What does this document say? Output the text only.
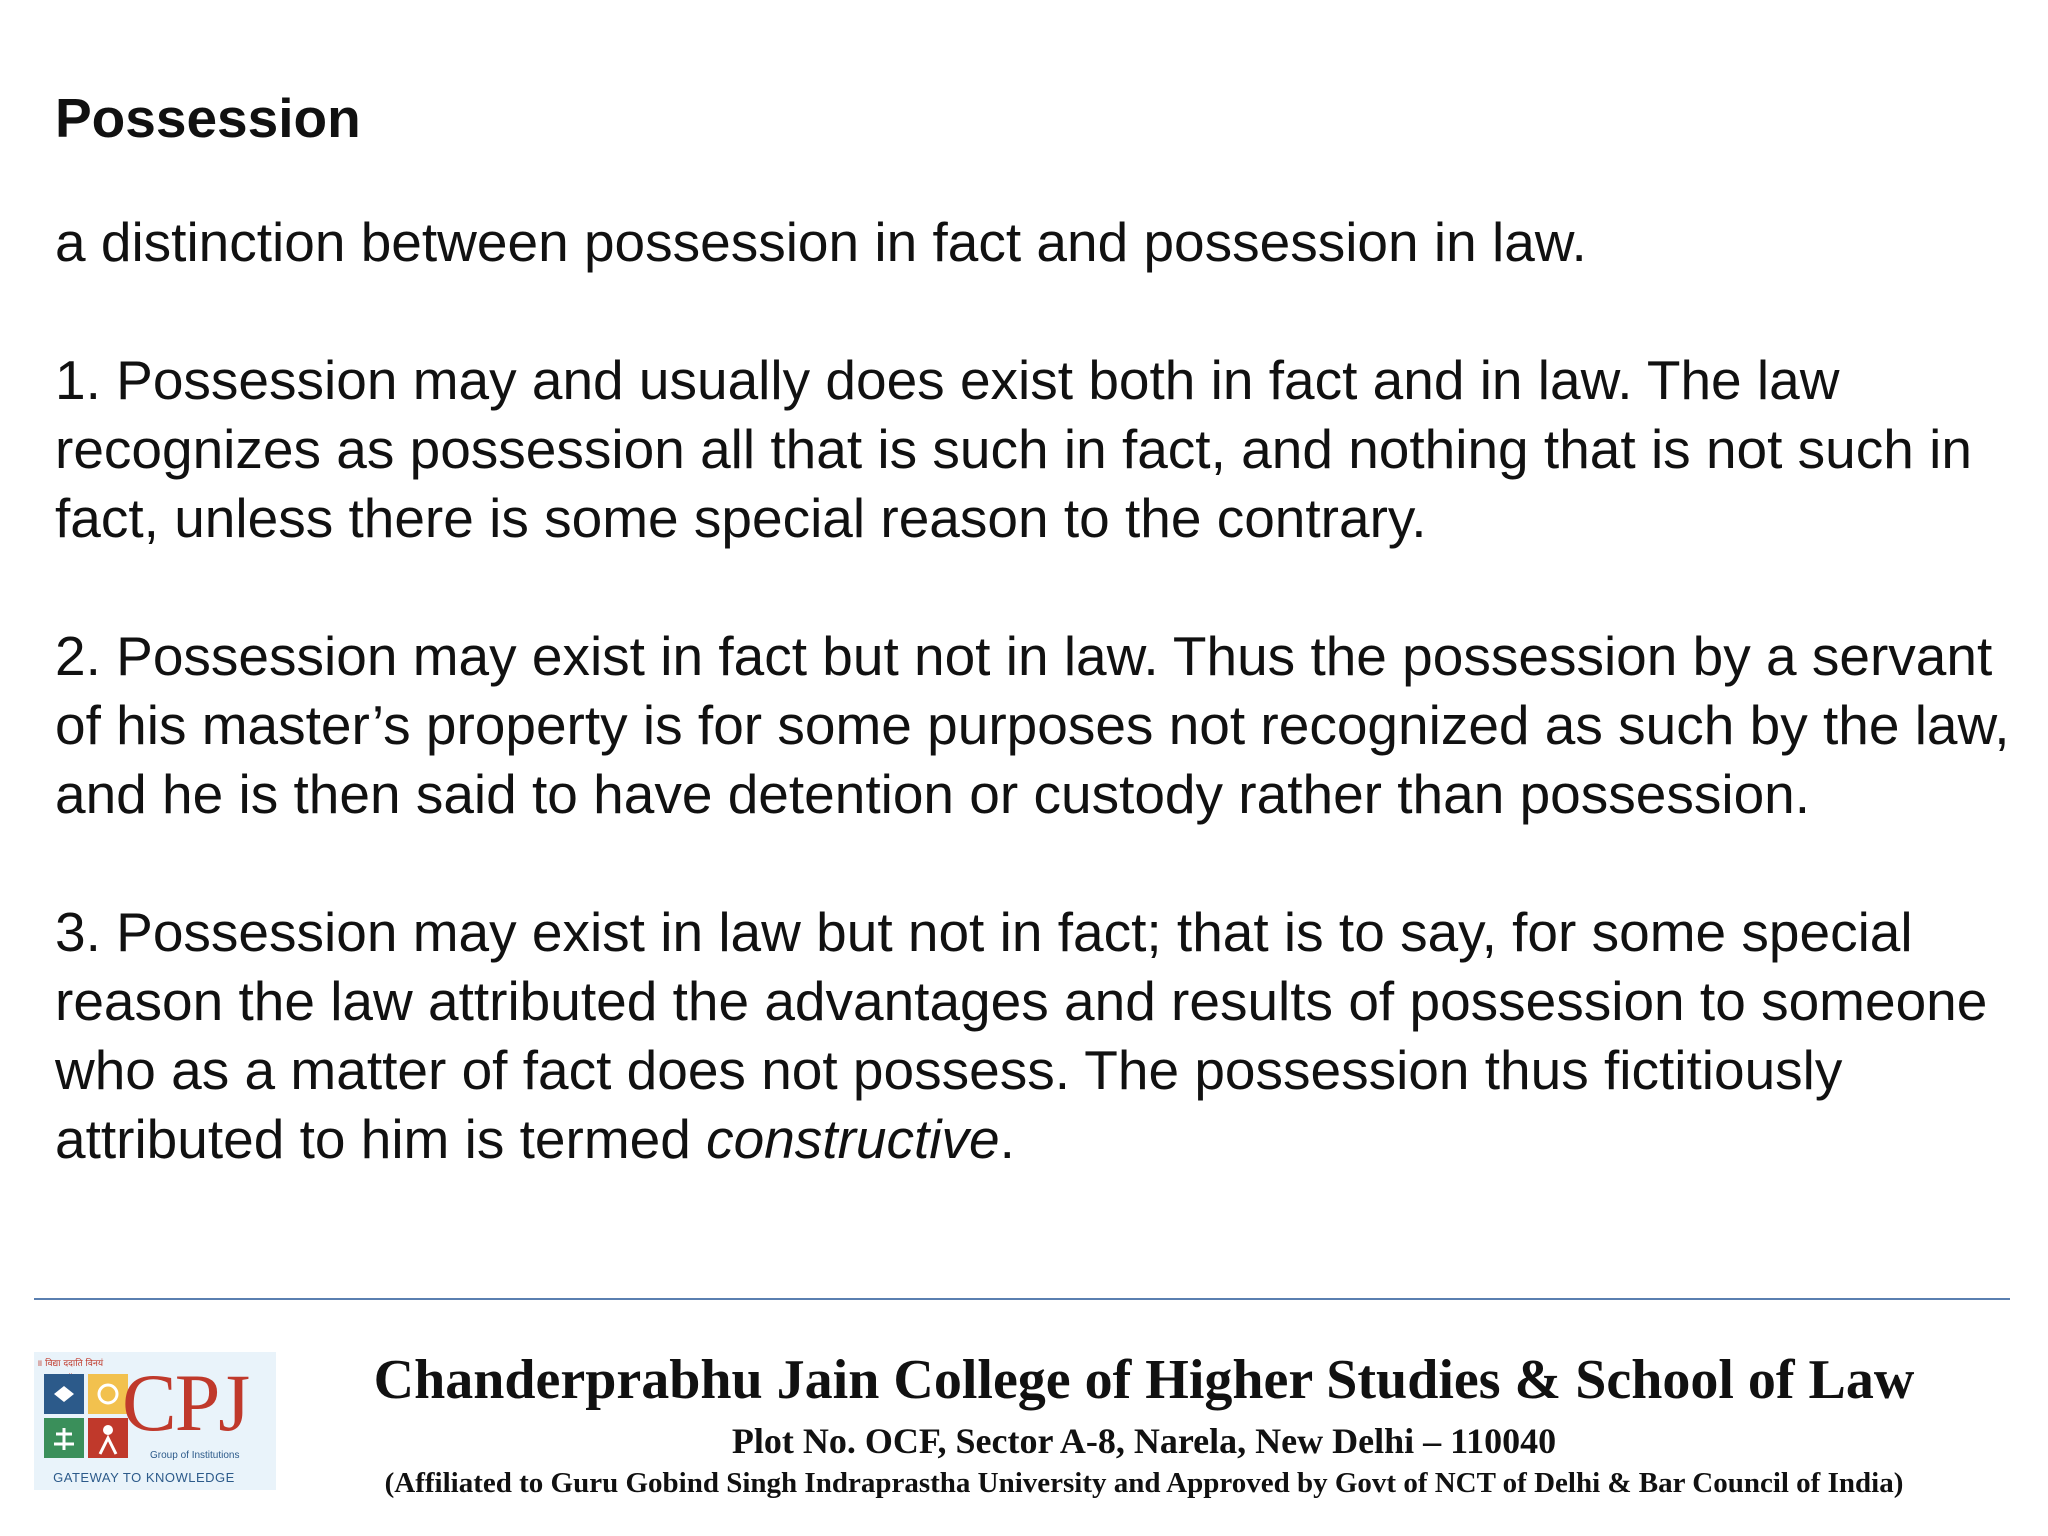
Possession

a distinction between possession in fact and possession in law.

1. Possession may and usually does exist both in fact and in law. The law recognizes as possession all that is such in fact, and nothing that is not such in fact, unless there is some special reason to the contrary.

2. Possession may exist in fact but not in law. Thus the possession by a servant of his master’s property is for some purposes not recognized as such by the law, and he is then said to have detention or custody rather than possession.

3. Possession may exist in law but not in fact; that is to say, for some special reason the law attributed the advantages and results of possession to someone who as a matter of fact does not possess. The possession thus fictitiously attributed to him is termed constructive.

॥ विद्या ददाति विनयं CPJ
Group of Institutions
GATEWAY TO KNOWLEDGE
Chanderprabhu Jain College of Higher Studies & School of Law
Plot No. OCF, Sector A-8, Narela, New Delhi – 110040
(Affiliated to Guru Gobind Singh Indraprastha University and Approved by Govt of NCT of Delhi & Bar Council of India)
